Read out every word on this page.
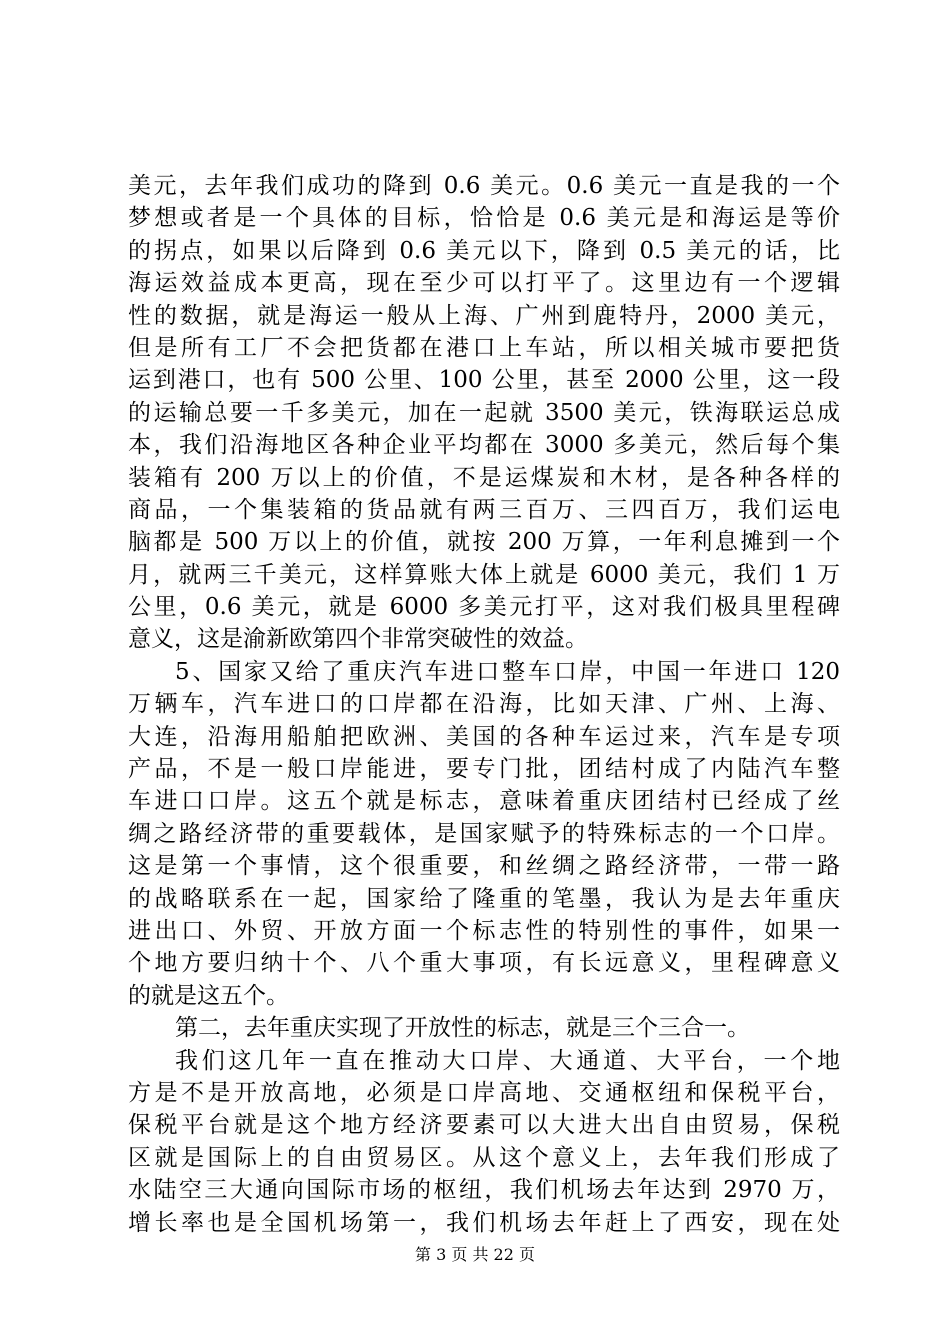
美元，去年我们成功的降到 0.6 美元。0.6 美元一直是我的一个
梦想或者是一个具体的目标，恰恰是 0.6 美元是和海运是等价
的拐点，如果以后降到 0.6 美元以下，降到 0.5 美元的话，比
海运效益成本更高，现在至少可以打平了。这里边有一个逻辑
性的数据，就是海运一般从上海、广州到鹿特丹，2000 美元，
但是所有工厂不会把货都在港口上车站，所以相关城市要把货
运到港口，也有 500 公里、100 公里，甚至 2000 公里，这一段
的运输总要一千多美元，加在一起就 3500 美元，铁海联运总成
本，我们沿海地区各种企业平均都在 3000 多美元，然后每个集
装箱有 200 万以上的价值，不是运煤炭和木材，是各种各样的
商品，一个集装箱的货品就有两三百万、三四百万，我们运电
脑都是 500 万以上的价值，就按 200 万算，一年利息摊到一个
月，就两三千美元，这样算账大体上就是 6000 美元，我们 1 万
公里，0.6 美元，就是 6000 多美元打平，这对我们极具里程碑
意义，这是渝新欧第四个非常突破性的效益。
5、国家又给了重庆汽车进口整车口岸，中国一年进口 120
万辆车，汽车进口的口岸都在沿海，比如天津、广州、上海、
大连，沿海用船舶把欧洲、美国的各种车运过来，汽车是专项
产品，不是一般口岸能进，要专门批，团结村成了内陆汽车整
车进口口岸。这五个就是标志，意味着重庆团结村已经成了丝
绸之路经济带的重要载体，是国家赋予的特殊标志的一个口岸。
这是第一个事情，这个很重要，和丝绸之路经济带，一带一路
的战略联系在一起，国家给了隆重的笔墨，我认为是去年重庆
进出口、外贸、开放方面一个标志性的特别性的事件，如果一
个地方要归纳十个、八个重大事项，有长远意义，里程碑意义
的就是这五个。
第二，去年重庆实现了开放性的标志，就是三个三合一。
我们这几年一直在推动大口岸、大通道、大平台，一个地
方是不是开放高地，必须是口岸高地、交通枢纽和保税平台，
保税平台就是这个地方经济要素可以大进大出自由贸易，保税
区就是国际上的自由贸易区。从这个意义上，去年我们形成了
水陆空三大通向国际市场的枢纽，我们机场去年达到 2970 万，
增长率也是全国机场第一，我们机场去年赶上了西安，现在处
第 3 页 共 22 页
